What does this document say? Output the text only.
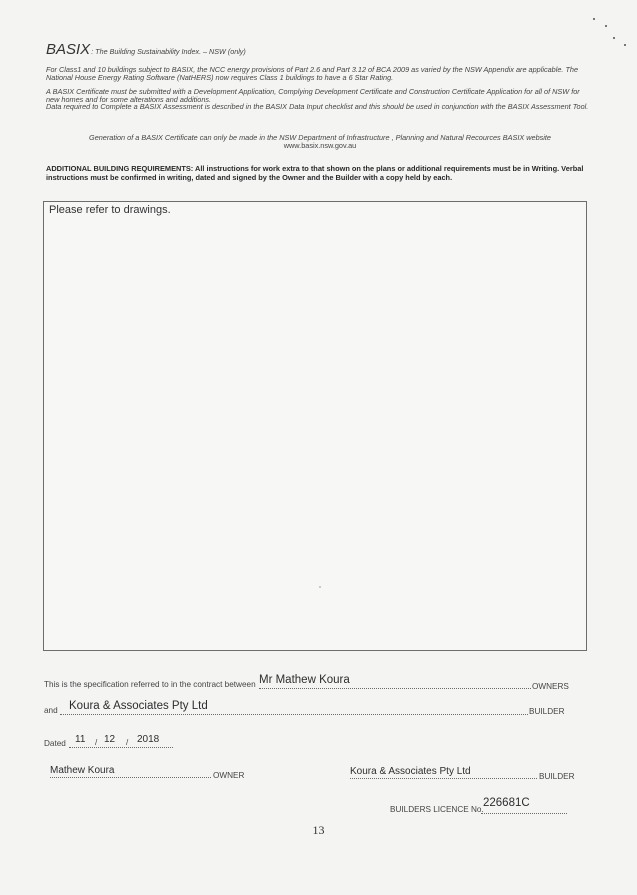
BASIX: The Building Sustainability Index. – NSW (only)
For Class1 and 10 buildings subject to BASIX, the NCC energy provisions of Part 2.6 and Part 3.12 of BCA 2009 as varied by the NSW Appendix are applicable. The National House Energy Rating Software (NatHERS) now requires Class 1 buildings to have a 6 Star Rating.
A BASIX Certificate must be submitted with a Development Application, Complying Development Certificate and Construction Certificate Application for all of NSW for new homes and for some alterations and additions.
Data required to Complete a BASIX Assessment is described in the BASIX Data Input checklist and this should be used in conjunction with the BASIX Assessment Tool.
Generation of a BASIX Certificate can only be made in the NSW Department of Infrastructure , Planning and Natural Recources BASIX website
www.basix.nsw.gov.au
ADDITIONAL BUILDING REQUIREMENTS: All instructions for work extra to that shown on the plans or additional requirements must be in Writing. Verbal instructions must be confirmed in writing, dated and signed by the Owner and the Builder with a copy held by each.
Please refer to drawings.
This is the specification referred to in the contract between Mr Mathew Koura
OWNERS
and Koura & Associates Pty Ltd	BUILDER
Dated 11 / 12 / 2018
Mathew Koura	OWNER	Koura & Associates Pty Ltd	BUILDER
BUILDERS LICENCE No.
226681C
13
